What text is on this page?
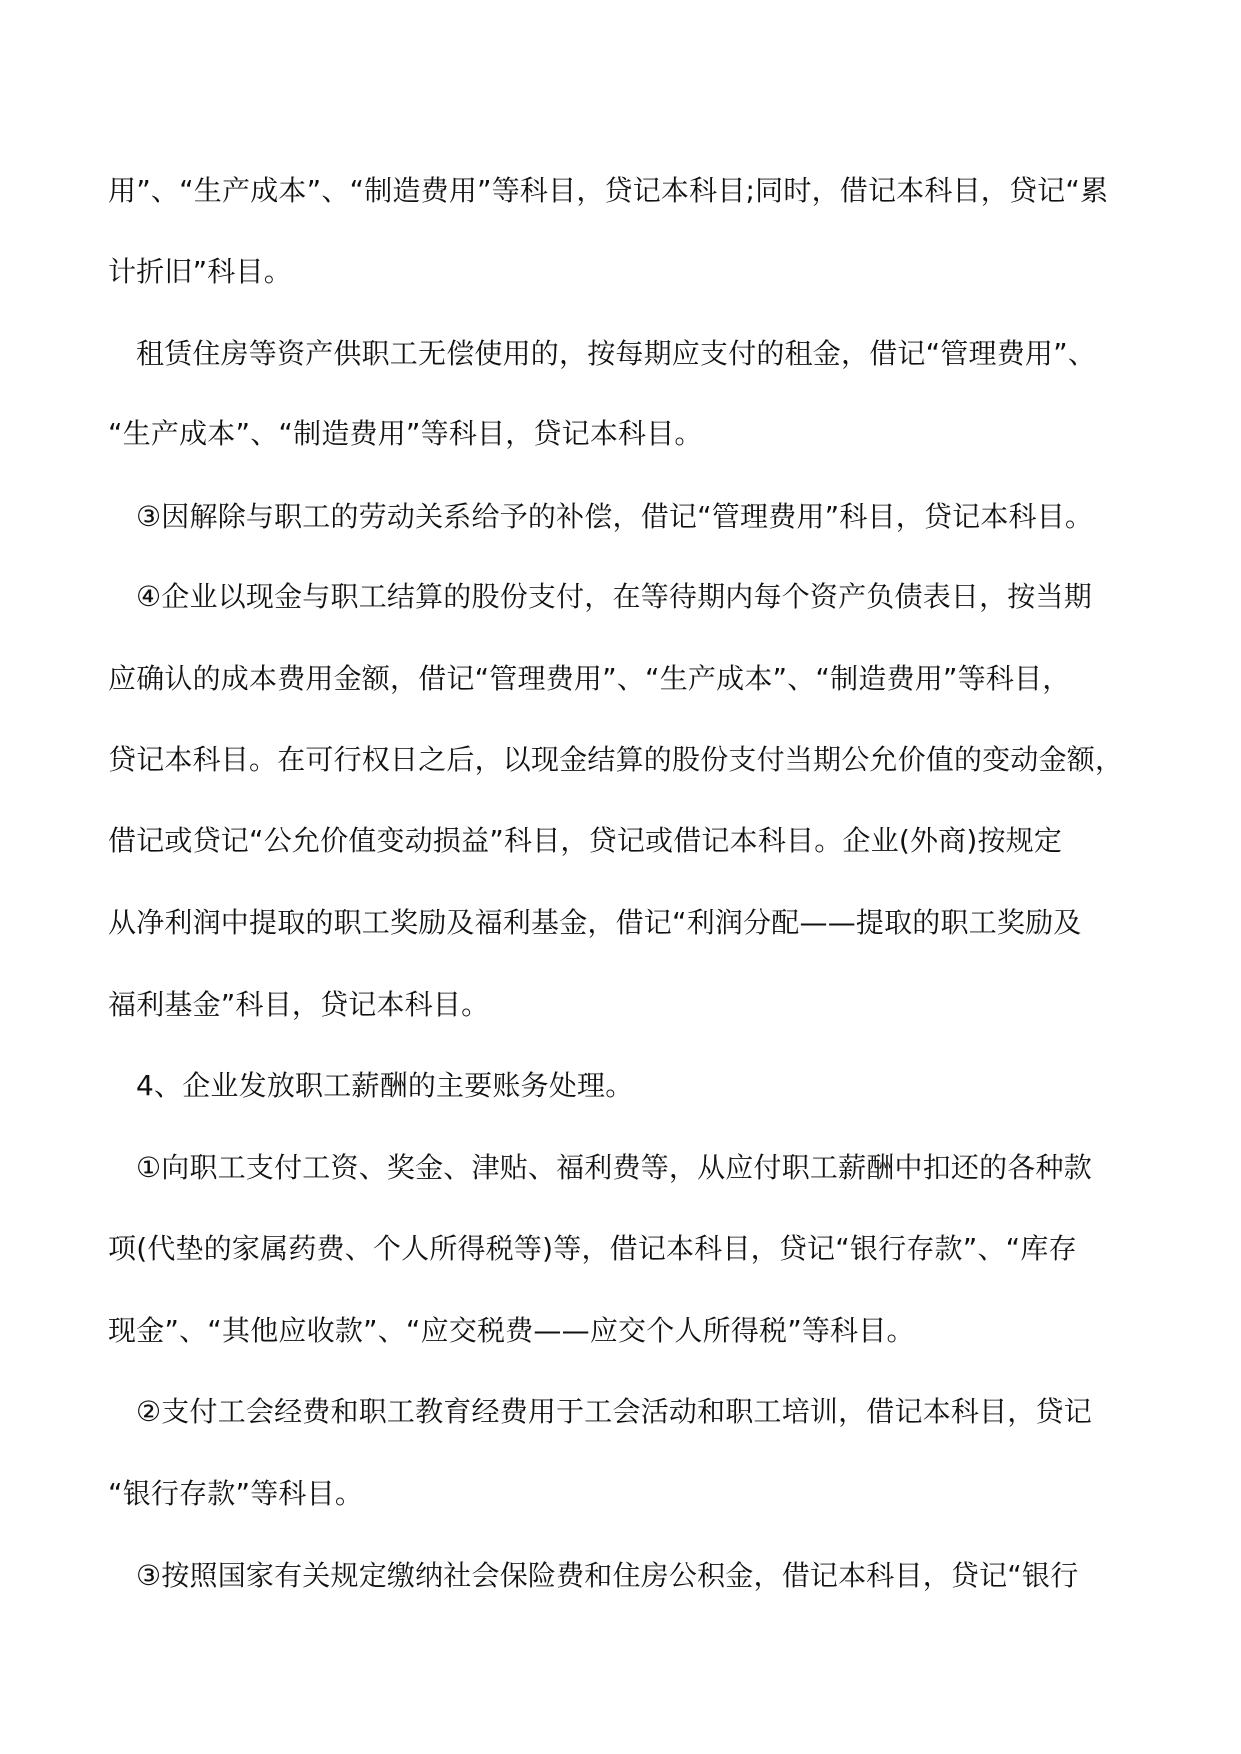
用”、“生产成本”、“制造费用”等科目，贷记本科目;同时，借记本科目，贷记“累
计折旧”科目。
租赁住房等资产供职工无偿使用的，按每期应支付的租金，借记“管理费用”、
“生产成本”、“制造费用”等科目，贷记本科目。
③因解除与职工的劳动关系给予的补偿，借记“管理费用”科目，贷记本科目。
④企业以现金与职工结算的股份支付，在等待期内每个资产负债表日，按当期
应确认的成本费用金额，借记“管理费用”、“生产成本”、“制造费用”等科目，
贷记本科目。在可行权日之后，以现金结算的股份支付当期公允价值的变动金额，
借记或贷记“公允价值变动损益”科目，贷记或借记本科目。企业(外商)按规定
从净利润中提取的职工奖励及福利基金，借记“利润分配——提取的职工奖励及
福利基金”科目，贷记本科目。
4、企业发放职工薪酬的主要账务处理。
①向职工支付工资、奖金、津贴、福利费等，从应付职工薪酬中扣还的各种款
项(代垫的家属药费、个人所得税等)等，借记本科目，贷记“银行存款”、“库存
现金”、“其他应收款”、“应交税费——应交个人所得税”等科目。
②支付工会经费和职工教育经费用于工会活动和职工培训，借记本科目，贷记
“银行存款”等科目。
③按照国家有关规定缴纳社会保险费和住房公积金，借记本科目，贷记“银行
